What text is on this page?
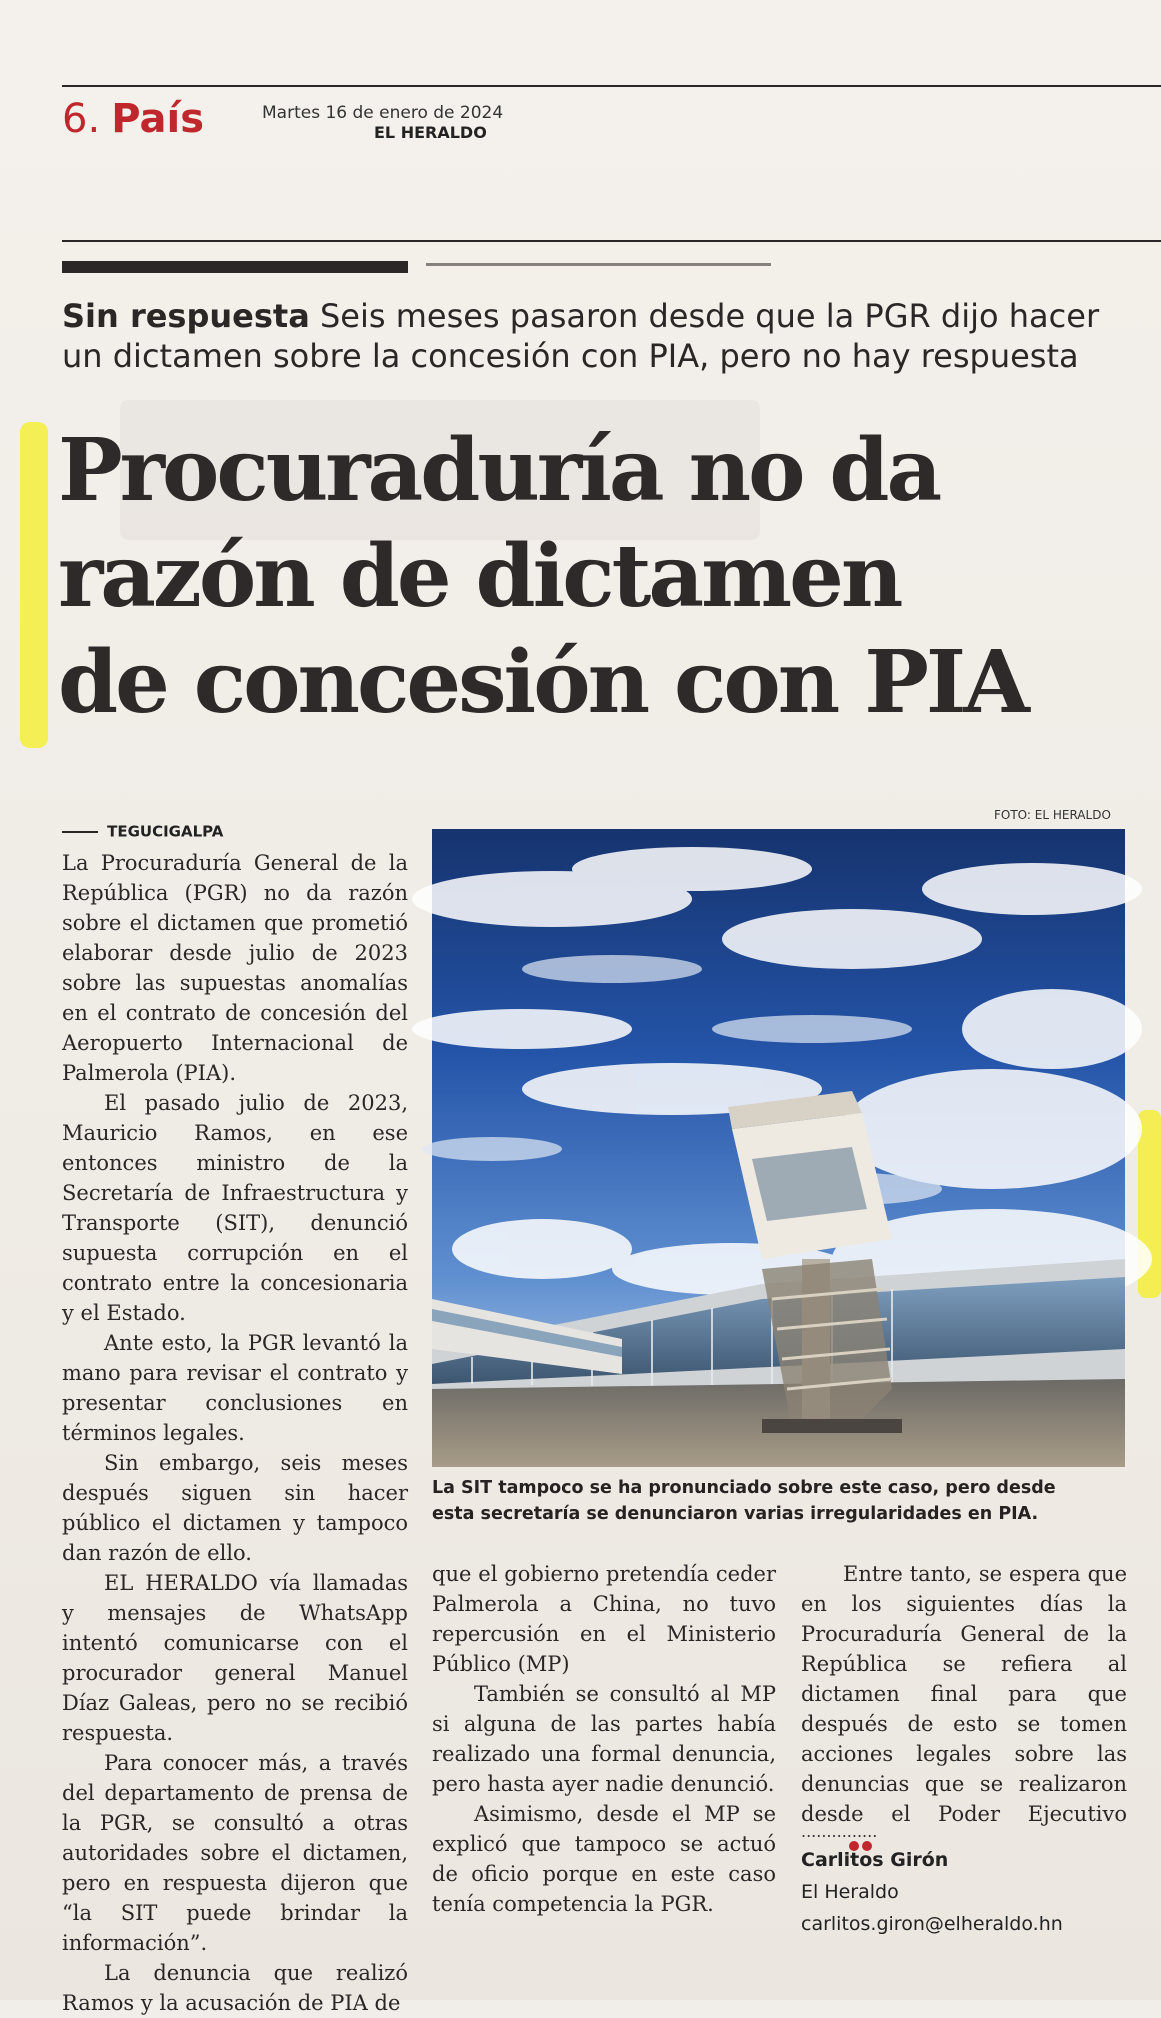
6. País	Martes 16 de enero de 2024
EL HERALDO
Sin respuesta Seis meses pasaron desde que la PGR dijo hacer
un dictamen sobre la concesión con PIA, pero no hay respuesta
Procuraduría no da
razón de dictamen
de concesión con PIA
FOTO: EL HERALDO
La SIT tampoco se ha pronunciado sobre este caso, pero desde
esta secretaría se denunciaron varias irregularidades en PIA.
TEGUCIGALPA

La Procuraduría General de la República (PGR) no da razón sobre el dictamen que prometió elaborar desde julio de 2023 sobre las supuestas anomalías en el contrato de concesión del Aeropuerto Internacional de Palmerola (PIA).

El pasado julio de 2023, Mauricio Ramos, en ese entonces ministro de la Secretaría de Infraestructura y Transporte (SIT), denunció supuesta corrupción en el contrato entre la concesionaria y el Estado.

Ante esto, la PGR levantó la mano para revisar el contrato y presentar conclusiones en términos legales.

Sin embargo, seis meses después siguen sin hacer público el dictamen y tampoco dan razón de ello.

EL HERALDO vía llamadas y mensajes de WhatsApp intentó comunicarse con el procurador general Manuel Díaz Galeas, pero no se recibió respuesta.

Para conocer más, a través del departamento de prensa de la PGR, se consultó a otras autoridades sobre el dictamen, pero en respuesta dijeron que “la SIT puede brindar la información”.

La denuncia que realizó Ramos y la acusación de PIA de

que el gobierno pretendía ceder Palmerola a China, no tuvo repercusión en el Ministerio Público (MP)

También se consultó al MP si alguna de las partes había realizado una formal denuncia, pero hasta ayer nadie denunció.

Asimismo, desde el MP se explicó que tampoco se actuó de oficio porque en este caso tenía competencia la PGR.

Entre tanto, se espera que en los siguientes días la Procuraduría General de la República se refiera al dictamen final para que después de esto se tomen acciones legales sobre las denuncias que se realizaron desde el Poder Ejecutivo

...............
Carlitos Girón
El Heraldo
carlitos.giron@elheraldo.hn
